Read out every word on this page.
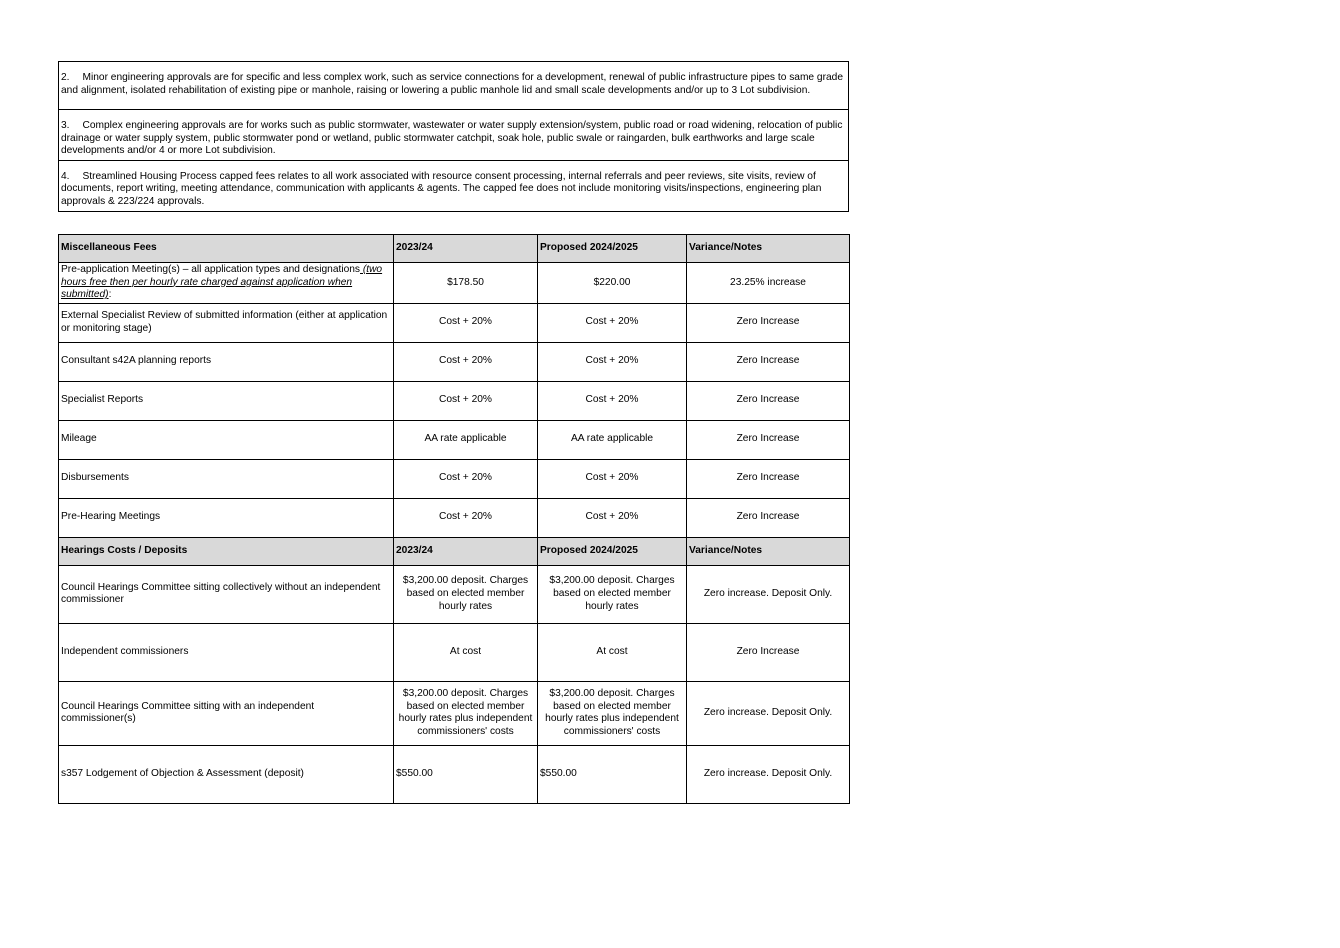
2. Minor engineering approvals are for specific and less complex work, such as service connections for a development, renewal of public infrastructure pipes to same grade and alignment, isolated rehabilitation of existing pipe or manhole, raising or lowering a public manhole lid and small scale developments and/or up to 3 Lot subdivision.
3. Complex engineering approvals are for works such as public stormwater, wastewater or water supply extension/system, public road or road widening, relocation of public drainage or water supply system, public stormwater pond or wetland, public stormwater catchpit, soak hole, public swale or raingarden, bulk earthworks and large scale developments and/or 4 or more Lot subdivision.
4. Streamlined Housing Process capped fees relates to all work associated with resource consent processing, internal referrals and peer reviews, site visits, review of documents, report writing, meeting attendance, communication with applicants & agents. The capped fee does not include monitoring visits/inspections, engineering plan approvals & 223/224 approvals.
Miscellaneous Fees	2023/24	Proposed 2024/2025	Variance/Notes
Pre-application Meeting(s) – all application types and designations (two hours free then per hourly rate charged against application when submitted):	$178.50	$220.00	23.25% increase
External Specialist Review of submitted information (either at application or monitoring stage)	Cost + 20%	Cost + 20%	Zero Increase
Consultant s42A planning reports	Cost + 20%	Cost + 20%	Zero Increase
Specialist Reports	Cost + 20%	Cost + 20%	Zero Increase
Mileage	AA rate applicable	AA rate applicable	Zero Increase
Disbursements	Cost + 20%	Cost + 20%	Zero Increase
Pre-Hearing Meetings	Cost + 20%	Cost + 20%	Zero Increase
Hearings Costs / Deposits	2023/24	Proposed 2024/2025	Variance/Notes
Council Hearings Committee sitting collectively without an independent commissioner	$3,200.00 deposit. Charges based on elected member hourly rates	$3,200.00 deposit. Charges based on elected member hourly rates	Zero increase. Deposit Only.
Independent commissioners	At cost	At cost	Zero Increase
Council Hearings Committee sitting with an independent commissioner(s)	$3,200.00 deposit. Charges based on elected member hourly rates plus independent commissioners' costs	$3,200.00 deposit. Charges based on elected member hourly rates plus independent commissioners' costs	Zero increase. Deposit Only.
s357 Lodgement of Objection & Assessment (deposit)	$550.00	$550.00	Zero increase. Deposit Only.
